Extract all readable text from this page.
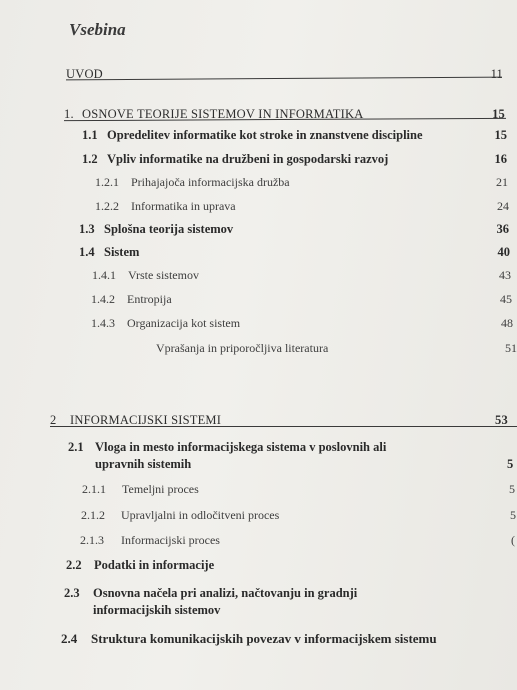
Vsebina
UVOD	11
1. OSNOVE TEORIJE SISTEMOV IN INFORMATIKA	15
1.1 Opredelitev informatike kot stroke in znanstvene discipline	15
1.2 Vpliv informatike na družbeni in gospodarski razvoj	16
1.2.1 Prihajajoča informacijska družba	21
1.2.2 Informatika in uprava	24
1.3 Splošna teorija sistemov	36
1.4 Sistem	40
1.4.1 Vrste sistemov	43
1.4.2 Entropija	45
1.4.3 Organizacija kot sistem	48
Vprašanja in priporočljiva literatura	51
2 INFORMACIJSKI SISTEMI	53
2.1 Vloga in mesto informacijskega sistema v poslovnih ali
upravnih sistemih	5
2.1.1 Temeljni proces	5
2.1.2 Upravljalni in odločitveni proces	5
2.1.3 Informacijski proces	(
2.2 Podatki in informacije
2.3 Osnovna načela pri analizi, načtovanju in gradnji
informacijskih sistemov
2.4 Struktura komunikacijskih povezav v informacijskem sistemu
